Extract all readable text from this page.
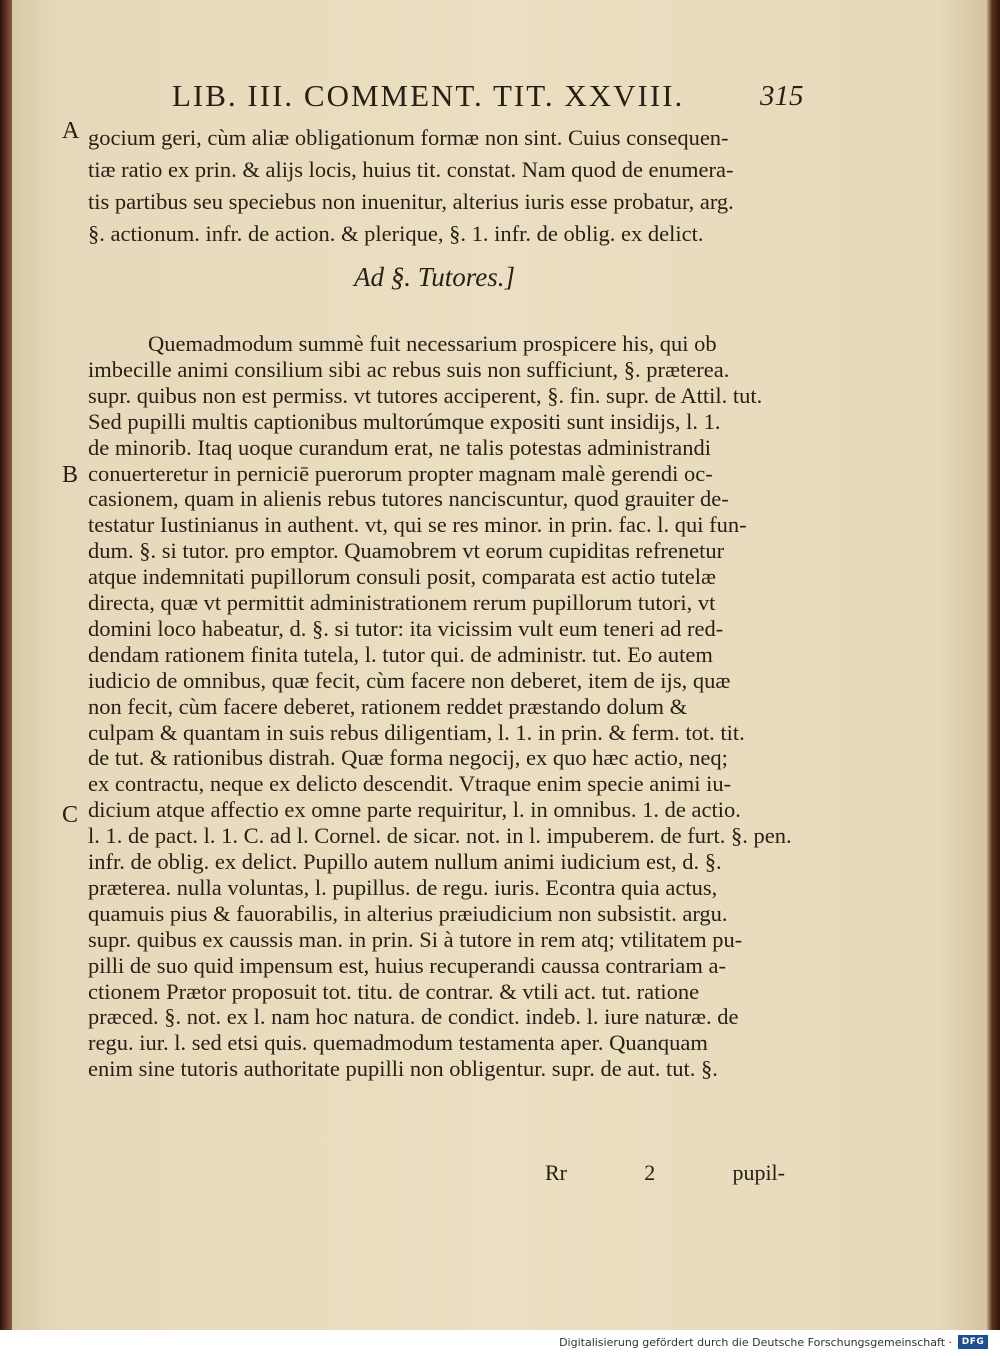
LIB. III. COMMENT. TIT. XXVIII.	315
A
B
C
gocium geri, cùm aliæ obligationum formæ non sint. Cuius consequen-
tiæ ratio ex prin. & alijs locis, huius tit. constat. Nam quod de enumera-
tis partibus seu speciebus non inuenitur, alterius iuris esse probatur, arg.
§. actionum. infr. de action. & plerique, §. 1. infr. de oblig. ex delict.
Ad §. Tutores.]
Quemadmodum summè fuit necessarium prospicere his, qui ob
imbecille animi consilium sibi ac rebus suis non sufficiunt, §. præterea.
supr. quibus non est permiss. vt tutores acciperent, §. fin. supr. de Attil. tut.
Sed pupilli multis captionibus multorúmque expositi sunt insidijs, l. 1.
de minorib. Itaq uoque curandum erat, ne talis potestas administrandi
conuerteretur in perniciē puerorum propter magnam malè gerendi oc-
casionem, quam in alienis rebus tutores nanciscuntur, quod grauiter de-
testatur Iustinianus in authent. vt, qui se res minor. in prin. fac. l. qui fun-
dum. §. si tutor. pro emptor. Quamobrem vt eorum cupiditas refrenetur
atque indemnitati pupillorum consuli posit, comparata est actio tutelæ
directa, quæ vt permittit administrationem rerum pupillorum tutori, vt
domini loco habeatur, d. §. si tutor: ita vicissim vult eum teneri ad red-
dendam rationem finita tutela, l. tutor qui. de administr. tut. Eo autem
iudicio de omnibus, quæ fecit, cùm facere non deberet, item de ijs, quæ
non fecit, cùm facere deberet, rationem reddet præstando dolum &
culpam & quantam in suis rebus diligentiam, l. 1. in prin. & ferm. tot. tit.
de tut. & rationibus distrah. Quæ forma negocij, ex quo hæc actio, neq;
ex contractu, neque ex delicto descendit. Vtraque enim specie animi iu-
dicium atque affectio ex omne parte requiritur, l. in omnibus. 1. de actio.
l. 1. de pact. l. 1. C. ad l. Cornel. de sicar. not. in l. impuberem. de furt. §. pen.
infr. de oblig. ex delict. Pupillo autem nullum animi iudicium est, d. §.
præterea. nulla voluntas, l. pupillus. de regu. iuris. Econtra quia actus,
quamuis pius & fauorabilis, in alterius præiudicium non subsistit. argu.
supr. quibus ex caussis man. in prin. Si à tutore in rem atq; vtilitatem pu-
pilli de suo quid impensum est, huius recuperandi caussa contrariam a-
ctionem Prætor proposuit tot. titu. de contrar. & vtili act. tut. ratione
præced. §. not. ex l. nam hoc natura. de condict. indeb. l. iure naturæ. de
regu. iur. l. sed etsi quis. quemadmodum testamenta aper. Quanquam
enim sine tutoris authoritate pupilli non obligentur. supr. de aut. tut. §.
Rr	2	pupil-
Digitalisierung gefördert durch die Deutsche Forschungsgemeinschaft ·	DFG
